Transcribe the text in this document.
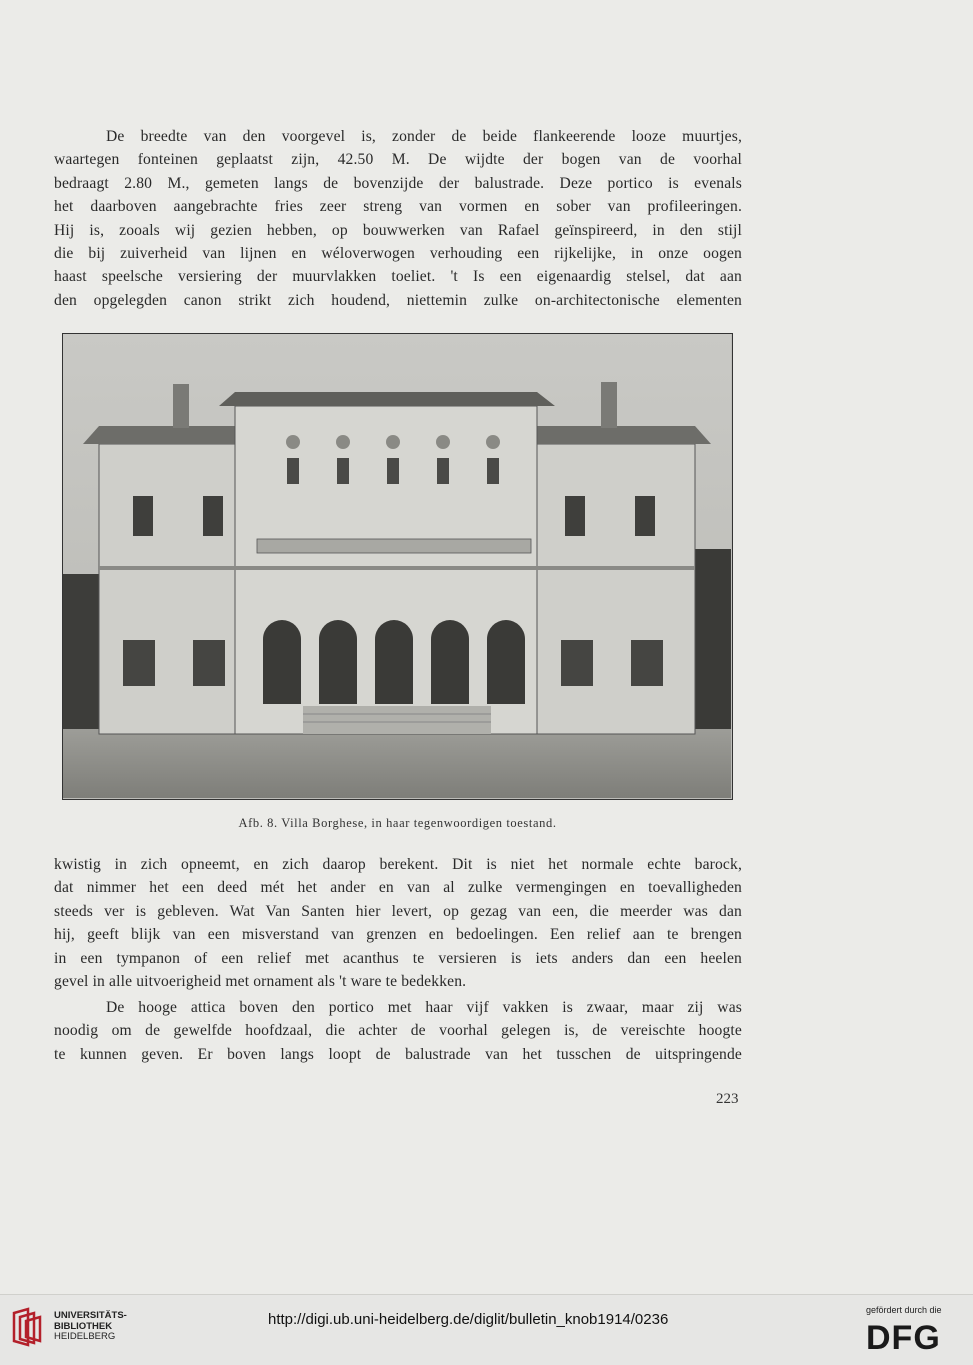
De breedte van den voorgevel is, zonder de beide flankeerende looze muurtjes,
waartegen fonteinen geplaatst zijn, 42.50 M. De wijdte der bogen van de voorhal
bedraagt 2.80 M., gemeten langs de bovenzijde der balustrade. Deze portico is evenals
het daarboven aangebrachte fries zeer streng van vormen en sober van profileeringen.
Hij is, zooals wij gezien hebben, op bouwwerken van Rafael geïnspireerd, in den stijl
die bij zuiverheid van lijnen en wéloverwogen verhouding een rijkelijke, in onze oogen
haast speelsche versiering der muurvlakken toeliet. 't Is een eigenaardig stelsel, dat aan
den opgelegden canon strikt zich houdend, niettemin zulke on-architectonische elementen

Afb. 8. Villa Borghese, in haar tegenwoordigen toestand.

kwistig in zich opneemt, en zich daarop berekent. Dit is niet het normale echte barock,
dat nimmer het een deed mét het ander en van al zulke vermengingen en toevalligheden
steeds ver is gebleven. Wat Van Santen hier levert, op gezag van een, die meerder was dan
hij, geeft blijk van een misverstand van grenzen en bedoelingen. Een relief aan te brengen
in een tympanon of een relief met acanthus te versieren is iets anders dan een heelen
gevel in alle uitvoerigheid met ornament als 't ware te bedekken.

De hooge attica boven den portico met haar vijf vakken is zwaar, maar zij was
noodig om de gewelfde hoofdzaal, die achter de voorhal gelegen is, de vereischte hoogte
te kunnen geven. Er boven langs loopt de balustrade van het tusschen de uitspringende

223
UNIVERSITÄTS-
BIBLIOTHEK
HEIDELBERG
http://digi.ub.uni-heidelberg.de/diglit/bulletin_knob1914/0236
gefördert durch die
DFG
